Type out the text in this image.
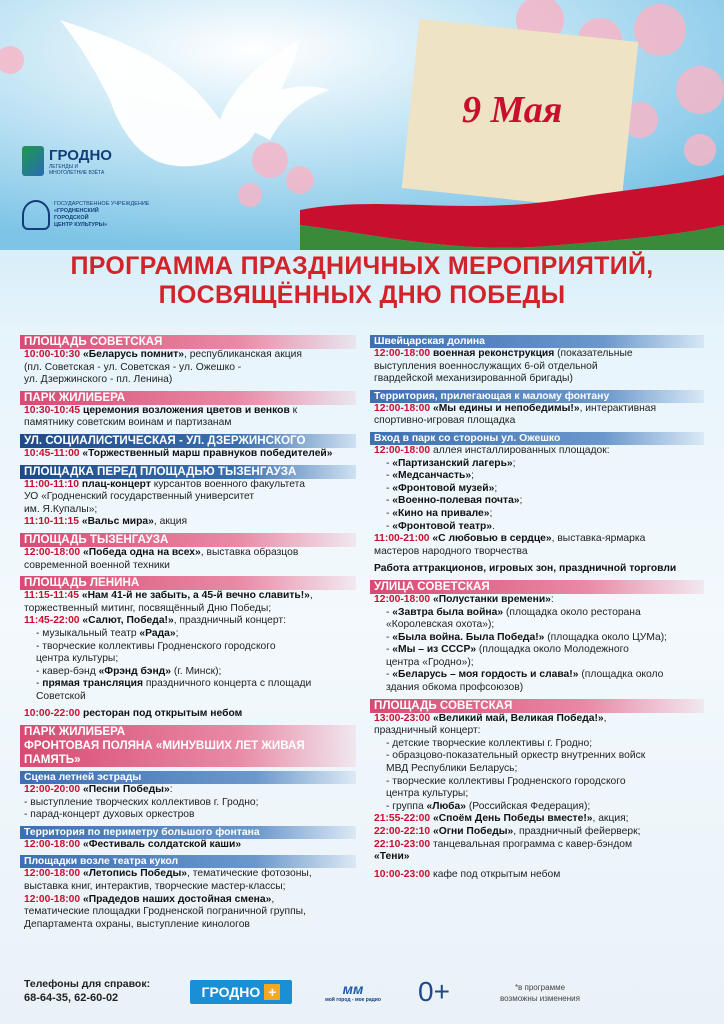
9 Мая
ГРОДНО
ЛЕГЕНДЫ И МНОГОЛЕТНИЕ ВЗЁТА
ГОСУДАРСТВЕННОЕ УЧРЕЖДЕНИЕ
«ГРОДНЕНСКИЙ
ГОРОДСКОЙ
ЦЕНТР КУЛЬТУРЫ»
ПРОГРАММА ПРАЗДНИЧНЫХ МЕРОПРИЯТИЙ,
ПОСВЯЩЁННЫХ ДНЮ ПОБЕДЫ
ПЛОЩАДЬ СОВЕТСКАЯ
10:00-10:30 «Беларусь помнит», республиканская акция
(пл. Советская - ул. Советская - ул. Ожешко -
ул. Дзержинского - пл. Ленина)
ПАРК ЖИЛИБЕРА
10:30-10:45 церемония возложения цветов и венков к
памятнику советским воинам и партизанам
УЛ. СОЦИАЛИСТИЧЕСКАЯ - УЛ. ДЗЕРЖИНСКОГО
10:45-11:00 «Торжественный марш правнуков победителей»
ПЛОЩАДКА ПЕРЕД ПЛОЩАДЬЮ ТЫЗЕНГАУЗА
11:00-11:10 плац-концерт курсантов военного факультета
УО «Гродненский государственный университет
им. Я.Купалы»;
11:10-11:15 «Вальс мира», акция
ПЛОЩАДЬ ТЫЗЕНГАУЗА
12:00-18:00 «Победа одна на всех», выставка образцов
современной военной техники
ПЛОЩАДЬ ЛЕНИНА
11:15-11:45 «Нам 41-й не забыть, а 45-й вечно славить!»,
торжественный митинг, посвящённый Дню Победы;
11:45-22:00 «Салют, Победа!», праздничный концерт:
- музыкальный театр «Рада»;
- творческие коллективы Гродненского городского
центра культуры;
- кавер-бэнд «Фрэнд бэнд» (г. Минск);
- прямая трансляция праздничного концерта с площади
Советской
10:00-22:00 ресторан под открытым небом
ПАРК ЖИЛИБЕРА
ФРОНТОВАЯ ПОЛЯНА «МИНУВШИХ ЛЕТ ЖИВАЯ ПАМЯТЬ»
Сцена летней эстрады
12:00-20:00 «Песни Победы»:
- выступление творческих коллективов г. Гродно;
- парад-концерт духовых оркестров
Территория по периметру большого фонтана
12:00-18:00 «Фестиваль солдатской каши»
Площадки возле театра кукол
12:00-18:00 «Летопись Победы», тематические фотозоны,
выставка книг, интерактив, творческие мастер-классы;
12:00-18:00 «Прадедов наших достойная смена»,
тематические площадки Гродненской пограничной группы,
Департамента охраны, выступление кинологов
Швейцарская долина
12:00-18:00 военная реконструкция (показательные
выступления военнослужащих 6-ой отдельной
гвардейской механизированной бригады)
Территория, прилегающая к малому фонтану
12:00-18:00 «Мы едины и непобедимы!», интерактивная
спортивно-игровая площадка
Вход в парк со стороны ул. Ожешко
12:00-18:00 аллея инсталлированных площадок:
- «Партизанский лагерь»;
- «Медсанчасть»;
- «Фронтовой музей»;
- «Военно-полевая почта»;
- «Кино на привале»;
- «Фронтовой театр».
11:00-21:00 «С любовью в сердце», выставка-ярмарка
мастеров народного творчества
Работа аттракционов, игровых зон, праздничной торговли
УЛИЦА СОВЕТСКАЯ
12:00-18:00 «Полустанки времени»:
- «Завтра была война» (площадка около ресторана
«Королевская охота»);
- «Была война. Была Победа!» (площадка около ЦУМа);
- «Мы – из СССР» (площадка около Молодежного
центра «Гродно»);
- «Беларусь – моя гордость и слава!» (площадка около
здания обкома профсоюзов)
ПЛОЩАДЬ СОВЕТСКАЯ
13:00-23:00 «Великий май, Великая Победа!»,
праздничный концерт:
- детские творческие коллективы г. Гродно;
- образцово-показательный оркестр внутренних войск
МВД Республики Беларусь;
- творческие коллективы Гродненского городского
центра культуры;
- группа «Люба» (Российская Федерация);
21:55-22:00 «Споём День Победы вместе!», акция;
22:00-22:10 «Огни Победы», праздничный фейерверк;
22:10-23:00 танцевальная программа с кавер-бэндом
«Тени»
10:00-23:00 кафе под открытым небом
Телефоны для справок:
68-64-35, 62-60-02	ГРОДНО +	мм
мой город - мое радио 0+	*в программе
возможны изменения
